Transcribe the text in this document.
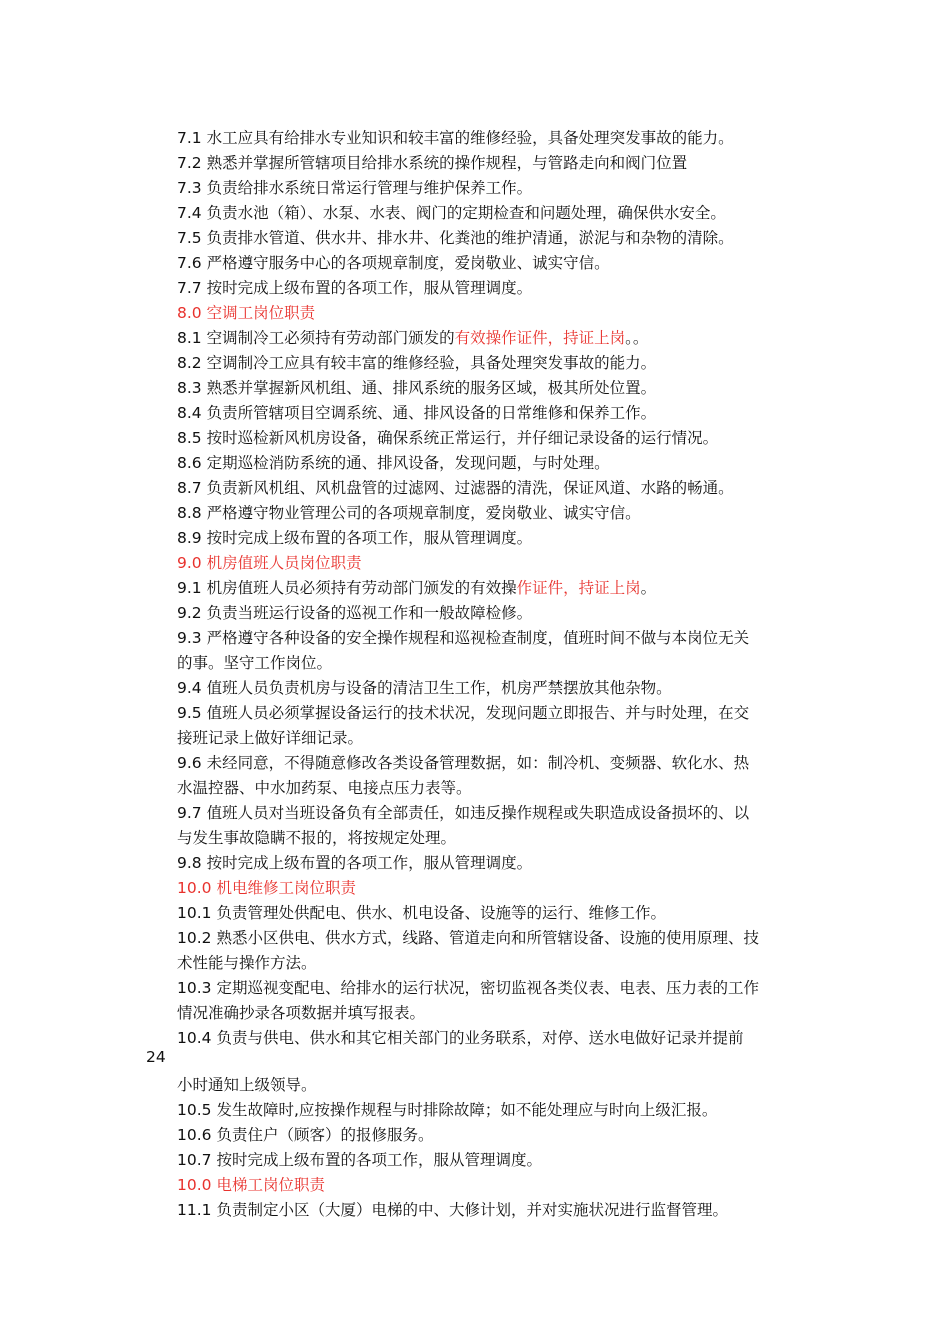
7.1 水工应具有给排水专业知识和较丰富的维修经验，具备处理突发事故的能力。
7.2 熟悉并掌握所管辖项目给排水系统的操作规程，与管路走向和阀门位置
7.3 负责给排水系统日常运行管理与维护保养工作。
7.4 负责水池（箱）、水泵、水表、阀门的定期检查和问题处理，确保供水安全。
7.5 负责排水管道、供水井、排水井、化粪池的维护清通，淤泥与和杂物的清除。
7.6 严格遵守服务中心的各项规章制度，爱岗敬业、诚实守信。
7.7 按时完成上级布置的各项工作，服从管理调度。
8.0 空调工岗位职责
8.1 空调制冷工必须持有劳动部门颁发的有效操作证件，持证上岗。。
8.2 空调制冷工应具有较丰富的维修经验，具备处理突发事故的能力。
8.3 熟悉并掌握新风机组、通、排风系统的服务区域，极其所处位置。
8.4 负责所管辖项目空调系统、通、排风设备的日常维修和保养工作。
8.5 按时巡检新风机房设备，确保系统正常运行，并仔细记录设备的运行情况。
8.6 定期巡检消防系统的通、排风设备，发现问题，与时处理。
8.7 负责新风机组、风机盘管的过滤网、过滤器的清洗，保证风道、水路的畅通。
8.8 严格遵守物业管理公司的各项规章制度，爱岗敬业、诚实守信。
8.9 按时完成上级布置的各项工作，服从管理调度。
9.0 机房值班人员岗位职责
9.1 机房值班人员必须持有劳动部门颁发的有效操作证件，持证上岗。
9.2 负责当班运行设备的巡视工作和一般故障检修。
9.3 严格遵守各种设备的安全操作规程和巡视检查制度，值班时间不做与本岗位无关
的事。坚守工作岗位。
9.4 值班人员负责机房与设备的清洁卫生工作，机房严禁摆放其他杂物。
9.5 值班人员必须掌握设备运行的技术状况，发现问题立即报告、并与时处理，在交
接班记录上做好详细记录。
9.6 未经同意，不得随意修改各类设备管理数据，如：制冷机、变频器、软化水、热
水温控器、中水加药泵、电接点压力表等。
9.7 值班人员对当班设备负有全部责任，如违反操作规程或失职造成设备损坏的、以
与发生事故隐瞒不报的，将按规定处理。
9.8 按时完成上级布置的各项工作，服从管理调度。
10.0 机电维修工岗位职责
10.1 负责管理处供配电、供水、机电设备、设施等的运行、维修工作。
10.2 熟悉小区供电、供水方式，线路、管道走向和所管辖设备、设施的使用原理、技
术性能与操作方法。
10.3 定期巡视变配电、给排水的运行状况，密切监视各类仪表、电表、压力表的工作
情况准确抄录各项数据并填写报表。
10.4 负责与供电、供水和其它相关部门的业务联系，对停、送水电做好记录并提前
24
小时通知上级领导。
10.5 发生故障时,应按操作规程与时排除故障；如不能处理应与时向上级汇报。
10.6 负责住户（顾客）的报修服务。
10.7 按时完成上级布置的各项工作，服从管理调度。
10.0 电梯工岗位职责
11.1 负责制定小区（大厦）电梯的中、大修计划，并对实施状况进行监督管理。
